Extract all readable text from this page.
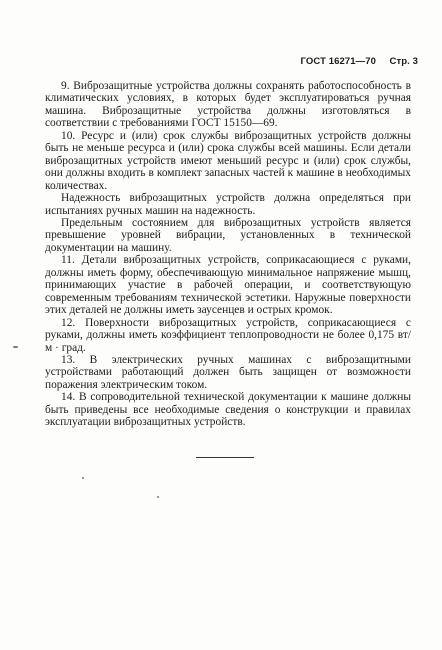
ГОСТ 16271—70 Стр. 3

9. Виброзащитные устройства должны сохранять работоспособность в климатических условиях, в которых будет эксплуатироваться ручная машина. Виброзащитные устройства должны изготовляться в соответствии с требованиями ГОСТ 15150—69.

10. Ресурс и (или) срок службы виброзащитных устройств должны быть не меньше ресурса и (или) срока службы всей машины. Если детали виброзащитных устройств имеют меньший ресурс и (или) срок службы, они должны входить в комплект запасных частей к машине в необходимых количествах.

Надежность виброзащитных устройств должна определяться при испытаниях ручных машин на надежность.

Предельным состоянием для виброзащитных устройств является превышение уровней вибрации, установленных в технической документации на машину.

11. Детали виброзащитных устройств, соприкасающиеся с руками, должны иметь форму, обеспечивающую минимальное напряжение мышц, принимающих участие в рабочей операции, и соответствующую современным требованиям технической эстетики. Наружные поверхности этих деталей не должны иметь заусенцев и острых кромок.

12. Поверхности виброзащитных устройств, соприкасающиеся с руками, должны иметь коэффициент теплопроводности не более 0,175 вт/м · град.

13. В электрических ручных машинах с виброзащитными устройствами работающий должен быть защищен от возможности поражения электрическим током.

14. В сопроводительной технической документации к машине должны быть приведены все необходимые сведения о конструкции и правилах эксплуатации виброзащитных устройств.
